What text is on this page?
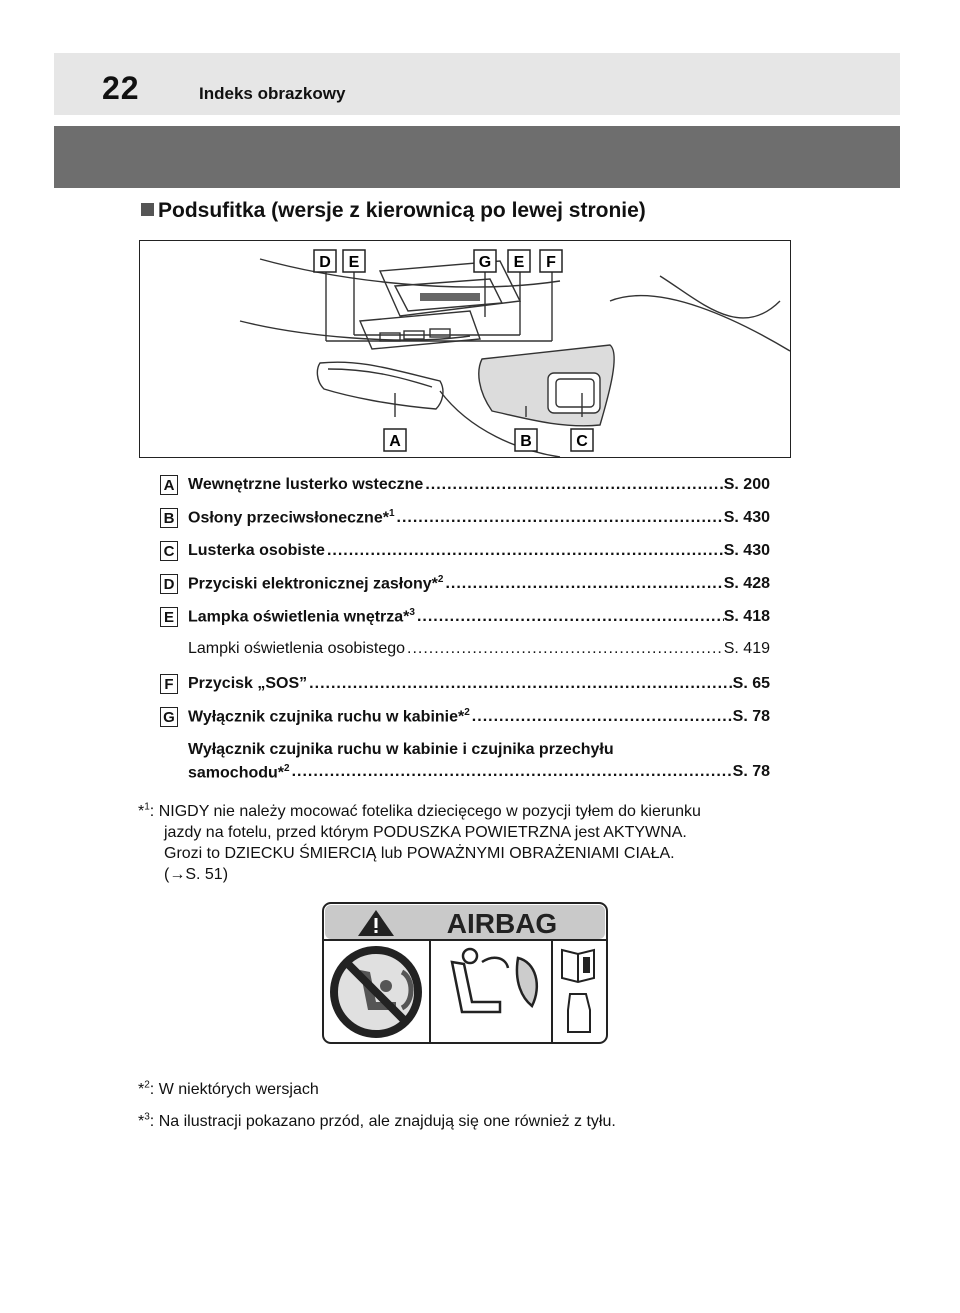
22	Indeks obrazkowy
Podsufitka (wersje z kierownicą po lewej stronie)
D E	G E F
A	B	C
A Wewnętrzne lusterko wsteczne .....	S. 200
B Osłony przeciwsłoneczne*$^1$ .....	S. 430
C Lusterka osobiste .....	S. 430
D Przyciski elektronicznej zasłony*$^2$ .....	S. 428
E Lampka oświetlenia wnętrza*$^3$ .....	S. 418
Lampki oświetlenia osobistego .....	S. 419
F Przycisk „SOS” .....	S. 65
G Wyłącznik czujnika ruchu w kabinie*$^2$ .....	S. 78
Wyłącznik czujnika ruchu w kabinie i czujnika przechyłu
samochodu*$^2$ .....	S. 78
*$^1$: NIGDY nie należy mocować fotelika dziecięcego w pozycji tyłem do kierunku
jazdy na fotelu, przed którym PODUSZKA POWIETRZNA jest AKTYWNA.
Grozi to DZIECKU ŚMIERCIĄ lub POWAŻNYMI OBRAŻENIAMI CIAŁA.
(→S. 51)
AIRBAG
*$^2$: W niektórych wersjach
*$^3$: Na ilustracji pokazano przód, ale znajdują się one również z tyłu.
